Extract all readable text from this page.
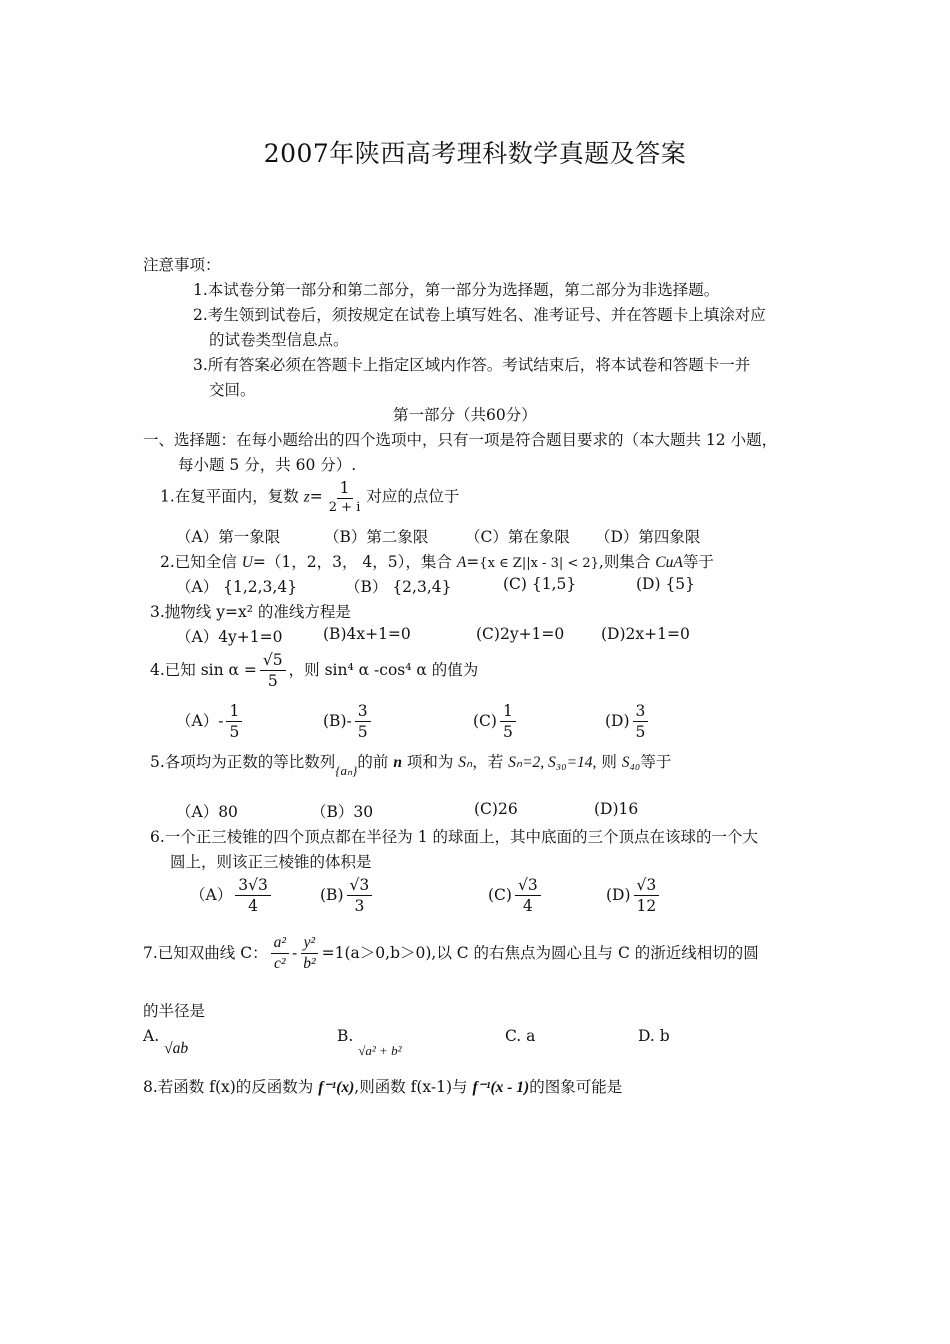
2007年陕西高考理科数学真题及答案
注意事项：
1.本试卷分第一部分和第二部分，第一部分为选择题，第二部分为非选择题。
2.考生领到试卷后，须按规定在试卷上填写姓名、准考证号、并在答题卡上填涂对应
的试卷类型信息点。
3.所有答案必须在答题卡上指定区域内作答。考试结束后，将本试卷和答题卡一并
交回。
第一部分（共60分）
一、选择题：在每小题给出的四个选项中，只有一项是符合题目要求的（本大题共 12 小题，
每小题 5 分，共 60 分）.
1.在复平面内，复数 $z= \frac{1}{2 + i}$ 对应的点位于
（A）第一象限	（B）第二象限 （C）第在象限 （D）第四象限
2.已知全信 U=（1，2，3， 4，5），集合 A={x ∈ Z||x - 3| < 2},则集合 CuA等于
（A） {1,2,3,4}	（B） {2,3,4}	(C) {1,5}	(D) {5}
3.抛物线 y=x² 的准线方程是
（A）4y+1=0	(B)4x+1=0	(C)2y+1=0 (D)2x+1=0
4.已知 $\sin \alpha = \frac{√5}{5}$ ，则 sin⁴ α -cos⁴ α 的值为
$(A)- \frac{1}{5}$	$(B)- \frac{3}{5}$	$(C) \frac{1}{5}$	$(D) \frac{3}{5}$
5.各项均为正数的等比数列$_{\{a_n\}}$的前 n 项和为 Sₙ，若 Sₙ=2, S₃₀=14, 则 S₄₀等于
（A）80	（B）30	(C)26	(D)16
6.一个正三棱锥的四个顶点都在半径为 1 的球面上，其中底面的三个顶点在该球的一个大
圆上，则该正三棱锥的体积是
$(A) \frac{3√3}{4}$	$(B) \frac{√3}{3}$	$(C) \frac{√3}{4}$	$(D) \frac{√3}{12}$
7.已知双曲线 C： $\frac{\text{a²}}{\text{c²}} - \frac{\text{y²}}{\text{b²}} =1(a>0,b>0)$,以 C 的右焦点为圆心且与 C 的浙近线相切的圆
的半径是
A. √ab
B. $_{√a^2 + b^2}$
C. a	D. b
8.若函数 f(x)的反函数为 f⁻¹(x),则函数 f(x-1)与 f⁻¹(x - 1)的图象可能是
